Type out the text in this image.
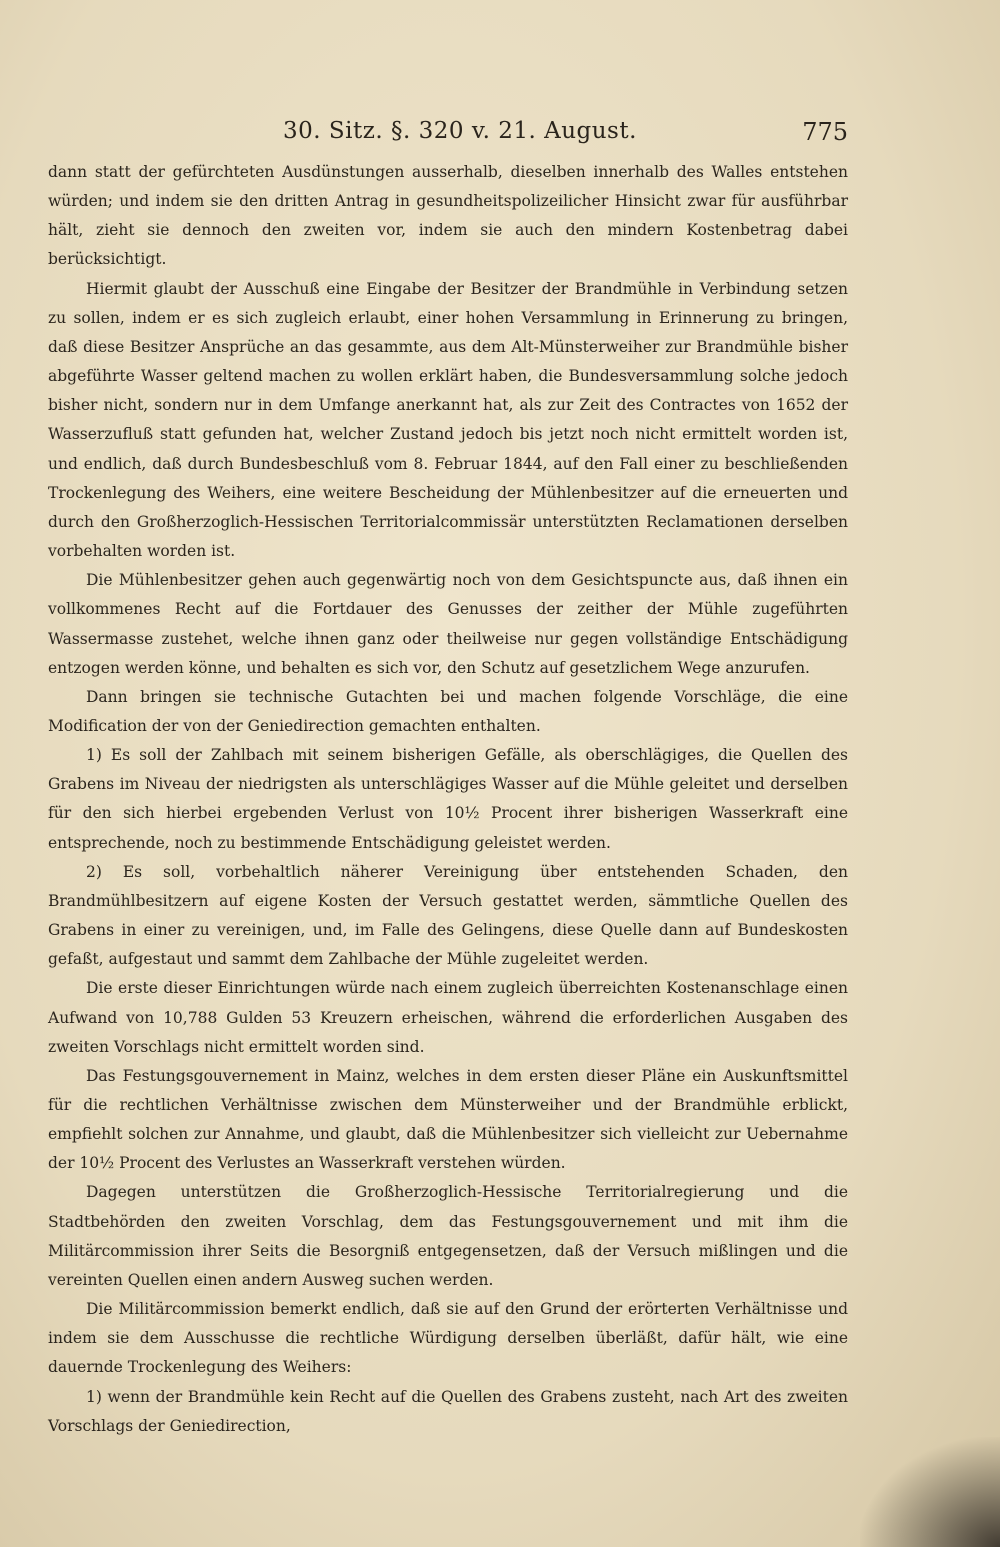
30. Sitz. §. 320 v. 21. August.	775

dann statt der gefürchteten Ausdünstungen ausserhalb, dieselben innerhalb des Walles entstehen würden; und indem sie den dritten Antrag in gesundheitspolizeilicher Hinsicht zwar für ausführbar hält, zieht sie dennoch den zweiten vor, indem sie auch den mindern Kostenbetrag dabei berücksichtigt.

Hiermit glaubt der Ausschuß eine Eingabe der Besitzer der Brandmühle in Verbindung setzen zu sollen, indem er es sich zugleich erlaubt, einer hohen Versammlung in Erinnerung zu bringen, daß diese Besitzer Ansprüche an das gesammte, aus dem Alt-Münsterweiher zur Brandmühle bisher abgeführte Wasser geltend machen zu wollen erklärt haben, die Bundesversammlung solche jedoch bisher nicht, sondern nur in dem Umfange anerkannt hat, als zur Zeit des Contractes von 1652 der Wasserzufluß statt gefunden hat, welcher Zustand jedoch bis jetzt noch nicht ermittelt worden ist, und endlich, daß durch Bundesbeschluß vom 8. Februar 1844, auf den Fall einer zu beschließenden Trockenlegung des Weihers, eine weitere Bescheidung der Mühlenbesitzer auf die erneuerten und durch den Großherzoglich-Hessischen Territorialcommissär unterstützten Reclamationen derselben vorbehalten worden ist.

Die Mühlenbesitzer gehen auch gegenwärtig noch von dem Gesichtspuncte aus, daß ihnen ein vollkommenes Recht auf die Fortdauer des Genusses der zeither der Mühle zugeführten Wassermasse zustehet, welche ihnen ganz oder theilweise nur gegen vollständige Entschädigung entzogen werden könne, und behalten es sich vor, den Schutz auf gesetzlichem Wege anzurufen.

Dann bringen sie technische Gutachten bei und machen folgende Vorschläge, die eine Modification der von der Geniedirection gemachten enthalten.

1) Es soll der Zahlbach mit seinem bisherigen Gefälle, als oberschlägiges, die Quellen des Grabens im Niveau der niedrigsten als unterschlägiges Wasser auf die Mühle geleitet und derselben für den sich hierbei ergebenden Verlust von 10½ Procent ihrer bisherigen Wasserkraft eine entsprechende, noch zu bestimmende Entschädigung geleistet werden.

2) Es soll, vorbehaltlich näherer Vereinigung über entstehenden Schaden, den Brandmühlbesitzern auf eigene Kosten der Versuch gestattet werden, sämmtliche Quellen des Grabens in einer zu vereinigen, und, im Falle des Gelingens, diese Quelle dann auf Bundeskosten gefaßt, aufgestaut und sammt dem Zahlbache der Mühle zugeleitet werden.

Die erste dieser Einrichtungen würde nach einem zugleich überreichten Kostenanschlage einen Aufwand von 10,788 Gulden 53 Kreuzern erheischen, während die erforderlichen Ausgaben des zweiten Vorschlags nicht ermittelt worden sind.

Das Festungsgouvernement in Mainz, welches in dem ersten dieser Pläne ein Auskunftsmittel für die rechtlichen Verhältnisse zwischen dem Münsterweiher und der Brandmühle erblickt, empfiehlt solchen zur Annahme, und glaubt, daß die Mühlenbesitzer sich vielleicht zur Uebernahme der 10½ Procent des Verlustes an Wasserkraft verstehen würden.

Dagegen unterstützen die Großherzoglich-Hessische Territorialregierung und die Stadtbehörden den zweiten Vorschlag, dem das Festungsgouvernement und mit ihm die Militärcommission ihrer Seits die Besorgniß entgegensetzen, daß der Versuch mißlingen und die vereinten Quellen einen andern Ausweg suchen werden.

Die Militärcommission bemerkt endlich, daß sie auf den Grund der erörterten Verhältnisse und indem sie dem Ausschusse die rechtliche Würdigung derselben überläßt, dafür hält, wie eine dauernde Trockenlegung des Weihers:

1) wenn der Brandmühle kein Recht auf die Quellen des Grabens zusteht, nach Art des zweiten Vorschlags der Geniedirection,
